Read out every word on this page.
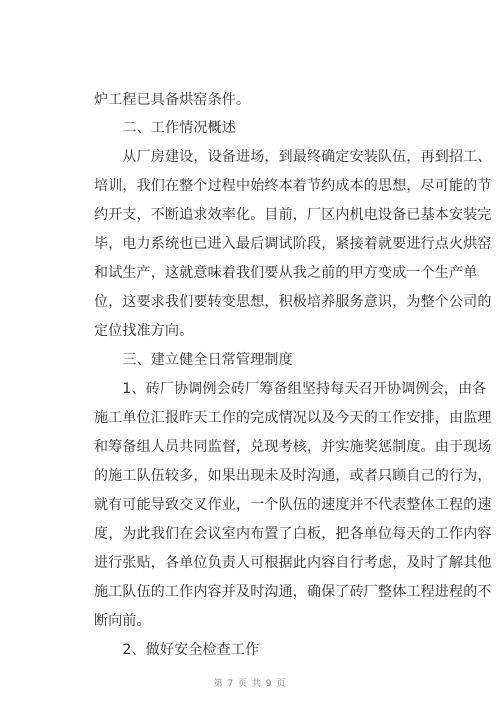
炉工程已具备烘窑条件。
　　二、工作情况概述
　　从厂房建设，设备进场，到最终确定安装队伍，再到招工、
培训，我们在整个过程中始终本着节约成本的思想，尽可能的节
约开支，不断追求效率化。目前，厂区内机电设备已基本安装完
毕，电力系统也已进入最后调试阶段，紧接着就要进行点火烘窑
和试生产，这就意味着我们要从我之前的甲方变成一个生产单
位，这要求我们要转变思想，积极培养服务意识，为整个公司的
定位找准方向。
　　三、建立健全日常管理制度
　　1、砖厂协调例会砖厂筹备组坚持每天召开协调例会，由各
施工单位汇报昨天工作的完成情况以及今天的工作安排，由监理
和筹备组人员共同监督，兑现考核，并实施奖惩制度。由于现场
的施工队伍较多，如果出现未及时沟通，或者只顾自己的行为，
就有可能导致交叉作业，一个队伍的速度并不代表整体工程的速
度，为此我们在会议室内布置了白板，把各单位每天的工作内容
进行张贴，各单位负责人可根据此内容自行考虑，及时了解其他
施工队伍的工作内容并及时沟通，确保了砖厂整体工程进程的不
断向前。
　　2、做好安全检查工作
第 7 页 共 9 页
